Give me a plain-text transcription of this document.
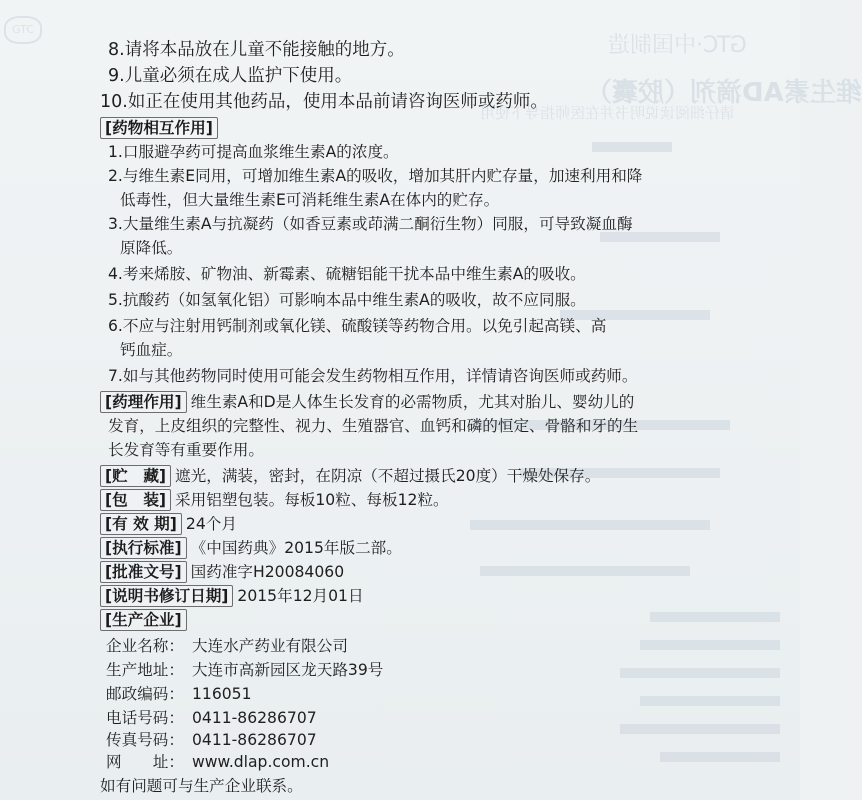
GTC
GTC·中国制造
维生素AD滴剂（胶囊）
请仔细阅读说明书并在医师指导下使用
8.请将本品放在儿童不能接触的地方。
9.儿童必须在成人监护下使用。
10.如正在使用其他药品，使用本品前请咨询医师或药师。
[药物相互作用]
1.口服避孕药可提高血浆维生素A的浓度。
2.与维生素E同用，可增加维生素A的吸收，增加其肝内贮存量，加速利用和降
低毒性，但大量维生素E可消耗维生素A在体内的贮存。
3.大量维生素A与抗凝药（如香豆素或茚满二酮衍生物）同服，可导致凝血酶
原降低。
4.考来烯胺、矿物油、新霉素、硫糖铝能干扰本品中维生素A的吸收。
5.抗酸药（如氢氧化铝）可影响本品中维生素A的吸收，故不应同服。
6.不应与注射用钙制剂或氧化镁、硫酸镁等药物合用。以免引起高镁、高
钙血症。
7.如与其他药物同时使用可能会发生药物相互作用，详情请咨询医师或药师。
[药理作用] 维生素A和D是人体生长发育的必需物质，尤其对胎儿、婴幼儿的
发育，上皮组织的完整性、视力、生殖器官、血钙和磷的恒定、骨骼和牙的生
长发育等有重要作用。
[贮　藏] 遮光，满装，密封，在阴凉（不超过摄氏20度）干燥处保存。
[包　装] 采用铝塑包装。每板10粒、每板12粒。
[有 效 期] 24个月
[执行标准] 《中国药典》2015年版二部。
[批准文号] 国药准字H20084060
[说明书修订日期] 2015年12月01日
[生产企业]
企业名称： 大连水产药业有限公司
生产地址： 大连市高新园区龙天路39号
邮政编码： 116051
电话号码： 0411-86286707
传真号码： 0411-86286707
网　　址： www.dlap.com.cn
如有问题可与生产企业联系。
